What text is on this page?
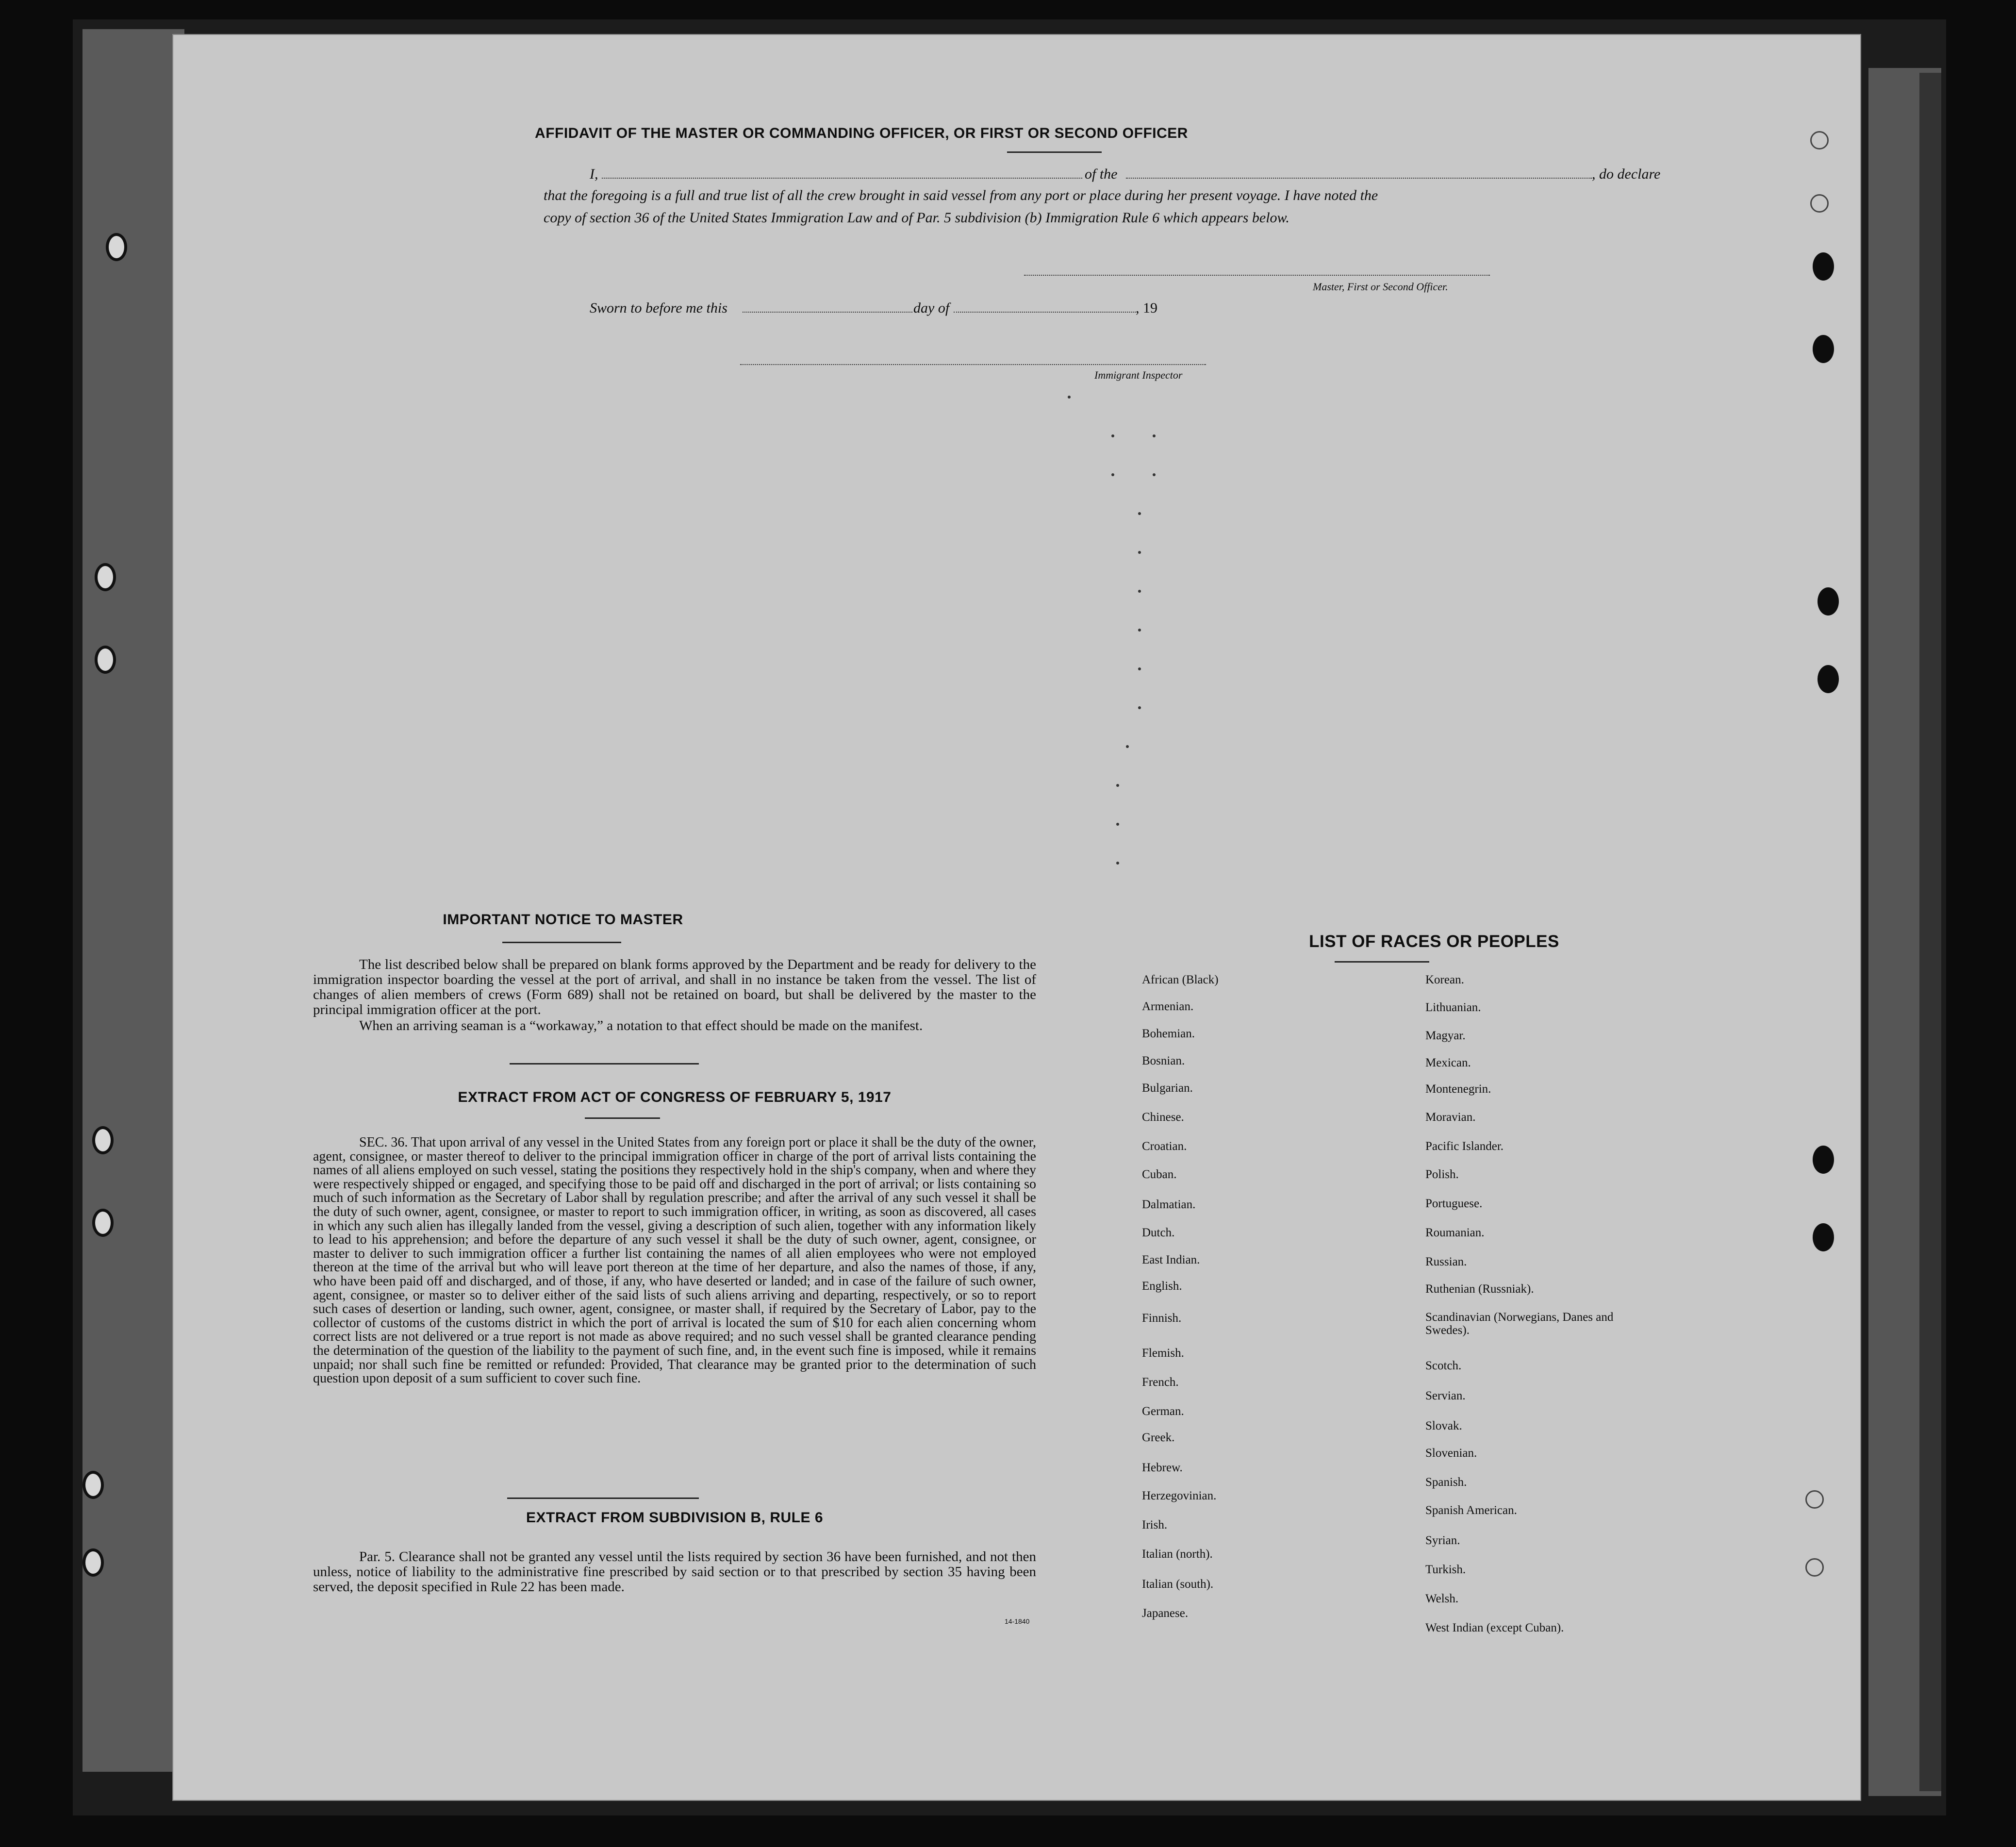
AFFIDAVIT OF THE MASTER OR COMMANDING OFFICER, OR FIRST OR SECOND OFFICER
I,	of the	, do declare
that the foregoing is a full and true list of all the crew brought in said vessel from any port or place during her present voyage. I have noted the
copy of section 36 of the United States Immigration Law and of Par. 5 subdivision (b) Immigration Rule 6 which appears below.
Master, First or Second Officer.
Sworn to before me this	day of	, 19
Immigrant Inspector
IMPORTANT NOTICE TO MASTER
The list described below shall be prepared on blank forms approved by the Department and be ready for delivery to the immigration inspector boarding the vessel at the port of arrival, and shall in no instance be taken from the vessel. The list of changes of alien members of crews (Form 689) shall not be retained on board, but shall be delivered by the master to the principal immigration officer at the port.
When an arriving seaman is a “workaway,” a notation to that effect should be made on the manifest.
EXTRACT FROM ACT OF CONGRESS OF FEBRUARY 5, 1917
SEC. 36. That upon arrival of any vessel in the United States from any foreign port or place it shall be the duty of the owner, agent, consignee, or master thereof to deliver to the principal immigration officer in charge of the port of arrival lists containing the names of all aliens employed on such vessel, stating the positions they respectively hold in the ship's company, when and where they were respectively shipped or engaged, and specifying those to be paid off and discharged in the port of arrival; or lists containing so much of such information as the Secretary of Labor shall by regulation prescribe; and after the arrival of any such vessel it shall be the duty of such owner, agent, consignee, or master to report to such immigration officer, in writing, as soon as discovered, all cases in which any such alien has illegally landed from the vessel, giving a description of such alien, together with any information likely to lead to his apprehension; and before the departure of any such vessel it shall be the duty of such owner, agent, consignee, or master to deliver to such immigration officer a further list containing the names of all alien employees who were not employed thereon at the time of the arrival but who will leave port thereon at the time of her departure, and also the names of those, if any, who have been paid off and discharged, and of those, if any, who have deserted or landed; and in case of the failure of such owner, agent, consignee, or master so to deliver either of the said lists of such aliens arriving and departing, respectively, or so to report such cases of desertion or landing, such owner, agent, consignee, or master shall, if required by the Secretary of Labor, pay to the collector of customs of the customs district in which the port of arrival is located the sum of $10 for each alien concerning whom correct lists are not delivered or a true report is not made as above required; and no such vessel shall be granted clearance pending the determination of the question of the liability to the payment of such fine, and, in the event such fine is imposed, while it remains unpaid; nor shall such fine be remitted or refunded: Provided, That clearance may be granted prior to the determination of such question upon deposit of a sum sufficient to cover such fine.
EXTRACT FROM SUBDIVISION B, RULE 6
Par. 5. Clearance shall not be granted any vessel until the lists required by section 36 have been furnished, and not then unless, notice of liability to the administrative fine prescribed by said section or to that prescribed by section 35 having been served, the deposit specified in Rule 22 has been made.
14-1840
LIST OF RACES OR PEOPLES
African (Black)
Armenian.
Bohemian.
Bosnian.
Bulgarian.
Chinese.
Croatian.
Cuban.
Dalmatian.
Dutch.
East Indian.
English.
Finnish.
Flemish.
French.
German.
Greek.
Hebrew.
Herzegovinian.
Irish.
Italian (north).
Italian (south).
Japanese.
Korean.
Lithuanian.
Magyar.
Mexican.
Montenegrin.
Moravian.
Pacific Islander.
Polish.
Portuguese.
Roumanian.
Russian.
Ruthenian (Russniak).
Scandinavian (Norwegians, Danes and Swedes).
Scotch.
Servian.
Slovak.
Slovenian.
Spanish.
Spanish American.
Syrian.
Turkish.
Welsh.
West Indian (except Cuban).
